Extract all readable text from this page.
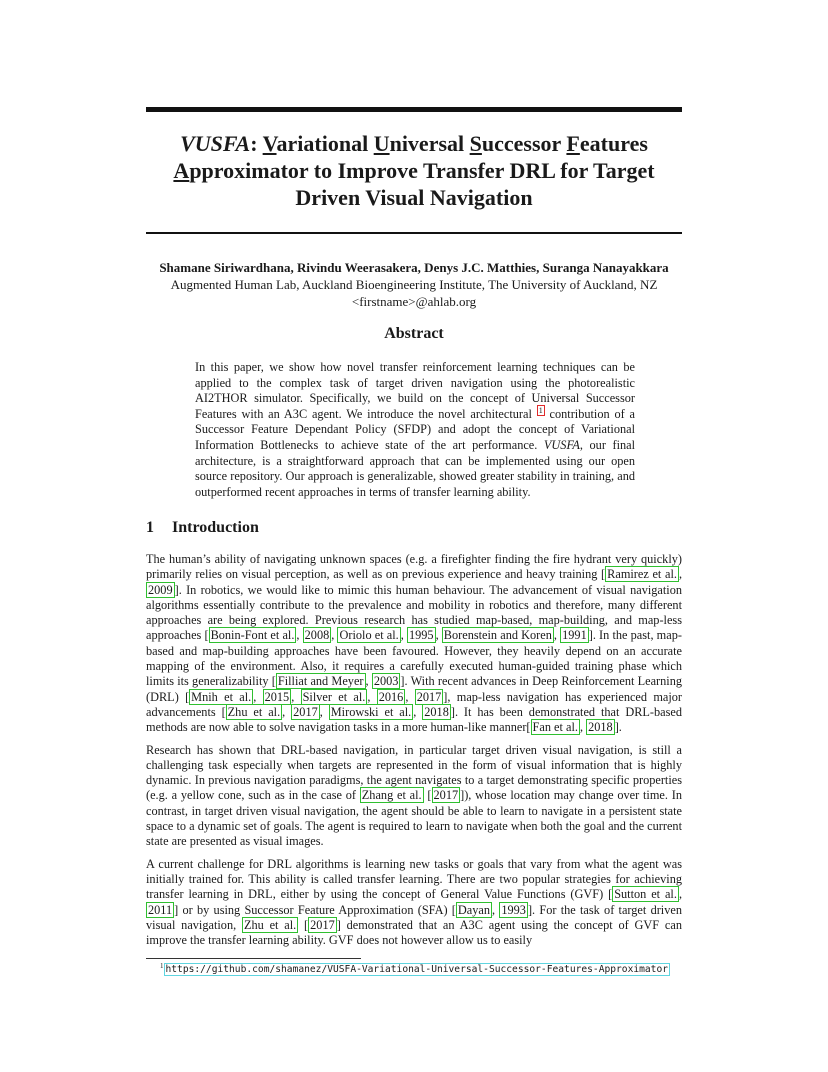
VUSFA: Variational Universal Successor Features
Approximator to Improve Transfer DRL for Target
Driven Visual Navigation
Shamane Siriwardhana, Rivindu Weerasakera, Denys J.C. Matthies, Suranga Nanayakkara
Augmented Human Lab, Auckland Bioengineering Institute, The University of Auckland, NZ
<firstname>@ahlab.org
Abstract
In this paper, we show how novel transfer reinforcement learning techniques can be applied to the complex task of target driven navigation using the photorealistic AI2THOR simulator. Specifically, we build on the concept of Universal Successor Features with an A3C agent. We introduce the novel architectural $^1$ contribution of a Successor Feature Dependant Policy (SFDP) and adopt the concept of Variational Information Bottlenecks to achieve state of the art performance. VUSFA, our final architecture, is a straightforward approach that can be implemented using our open source repository. Our approach is generalizable, showed greater stability in training, and outperformed recent approaches in terms of transfer learning ability.
1 Introduction

The human’s ability of navigating unknown spaces (e.g. a firefighter finding the fire hydrant very quickly) primarily relies on visual perception, as well as on previous experience and heavy training [ Ramirez et al. , 2009 ]. In robotics, we would like to mimic this human behaviour. The advancement of visual navigation algorithms essentially contribute to the prevalence and mobility in robotics and therefore, many different approaches are being explored. Previous research has studied map-based, map-building, and map-less approaches [ Bonin-Font et al. , 2008 , Oriolo et al. , 1995 , Borenstein and Koren , 1991 ]. In the past, map-based and map-building approaches have been favoured. However, they heavily depend on an accurate mapping of the environment. Also, it requires a carefully executed human-guided training phase which limits its generalizability [ Filliat and Meyer , 2003 ]. With recent advances in Deep Reinforcement Learning (DRL) [ Mnih et al. , 2015 , Silver et al. , 2016 , 2017 ], map-less navigation has experienced major advancements [ Zhu et al. , 2017 , Mirowski et al. , 2018 ]. It has been demonstrated that DRL-based methods are now able to solve navigation tasks in a more human-like manner[ Fan et al. , 2018 ].

Research has shown that DRL-based navigation, in particular target driven visual navigation, is still a challenging task especially when targets are represented in the form of visual information that is highly dynamic. In previous navigation paradigms, the agent navigates to a target demonstrating specific properties (e.g. a yellow cone, such as in the case of Zhang et al. [ 2017 ]), whose location may change over time. In contrast, in target driven visual navigation, the agent should be able to learn to navigate in a persistent state space to a dynamic set of goals. The agent is required to learn to navigate when both the goal and the current state are presented as visual images.

A current challenge for DRL algorithms is learning new tasks or goals that vary from what the agent was initially trained for. This ability is called transfer learning. There are two popular strategies for achieving transfer learning in DRL, either by using the concept of General Value Functions (GVF) [ Sutton et al. , 2011 ] or by using Successor Feature Approximation (SFA) [ Dayan , 1993 ]. For the task of target driven visual navigation, Zhu et al. [ 2017 ] demonstrated that an A3C agent using the concept of GVF can improve the transfer learning ability. GVF does not however allow us to easily

$^1$ https://github.com/shamanez/VUSFA-Variational-Universal-Successor-Features-Approximator
